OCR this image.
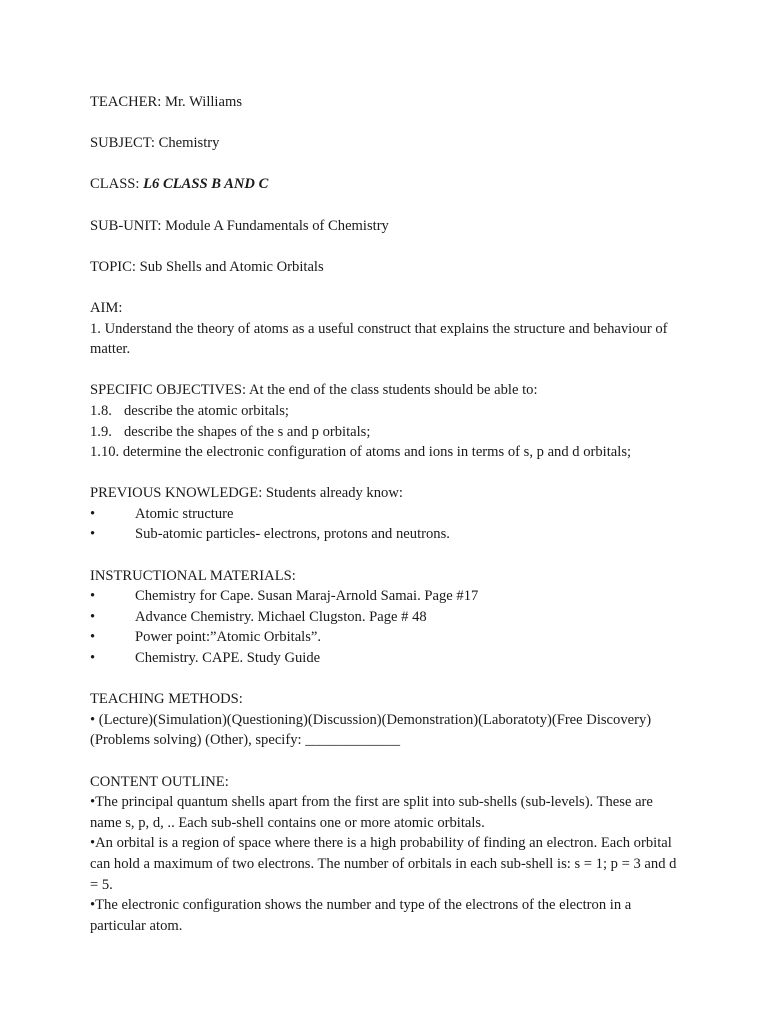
TEACHER: Mr. Williams

SUBJECT: Chemistry

CLASS: L6 CLASS B AND C

SUB-UNIT: Module A Fundamentals of Chemistry

TOPIC: Sub Shells and Atomic Orbitals

AIM:

1. Understand the theory of atoms as a useful construct that explains the structure and behaviour of matter.

SPECIFIC OBJECTIVES: At the end of the class students should be able to:

1.8. describe the atomic orbitals;
1.9. describe the shapes of the s and p orbitals;

1.10. determine the electronic configuration of atoms and ions in terms of s, p and d orbitals;

PREVIOUS KNOWLEDGE: Students already know:

•	Atomic structure
•	Sub-atomic particles- electrons, protons and neutrons.

INSTRUCTIONAL MATERIALS:

•	Chemistry for Cape. Susan Maraj-Arnold Samai. Page #17
•	Advance Chemistry. Michael Clugston. Page # 48
•	Power point:”Atomic Orbitals”.
•	Chemistry. CAPE. Study Guide

TEACHING METHODS:

• (Lecture)(Simulation)(Questioning)(Discussion)(Demonstration)(Laboratoty)(Free Discovery) (Problems solving) (Other), specify: _____________

CONTENT OUTLINE:

•The principal quantum shells apart from the first are split into sub-shells (sub-levels). These are name s, p, d, .. Each sub-shell contains one or more atomic orbitals.

•An orbital is a region of space where there is a high probability of finding an electron. Each orbital can hold a maximum of two electrons. The number of orbitals in each sub-shell is: s = 1; p = 3 and d = 5.

•The electronic configuration shows the number and type of the electrons of the electron in a particular atom.
